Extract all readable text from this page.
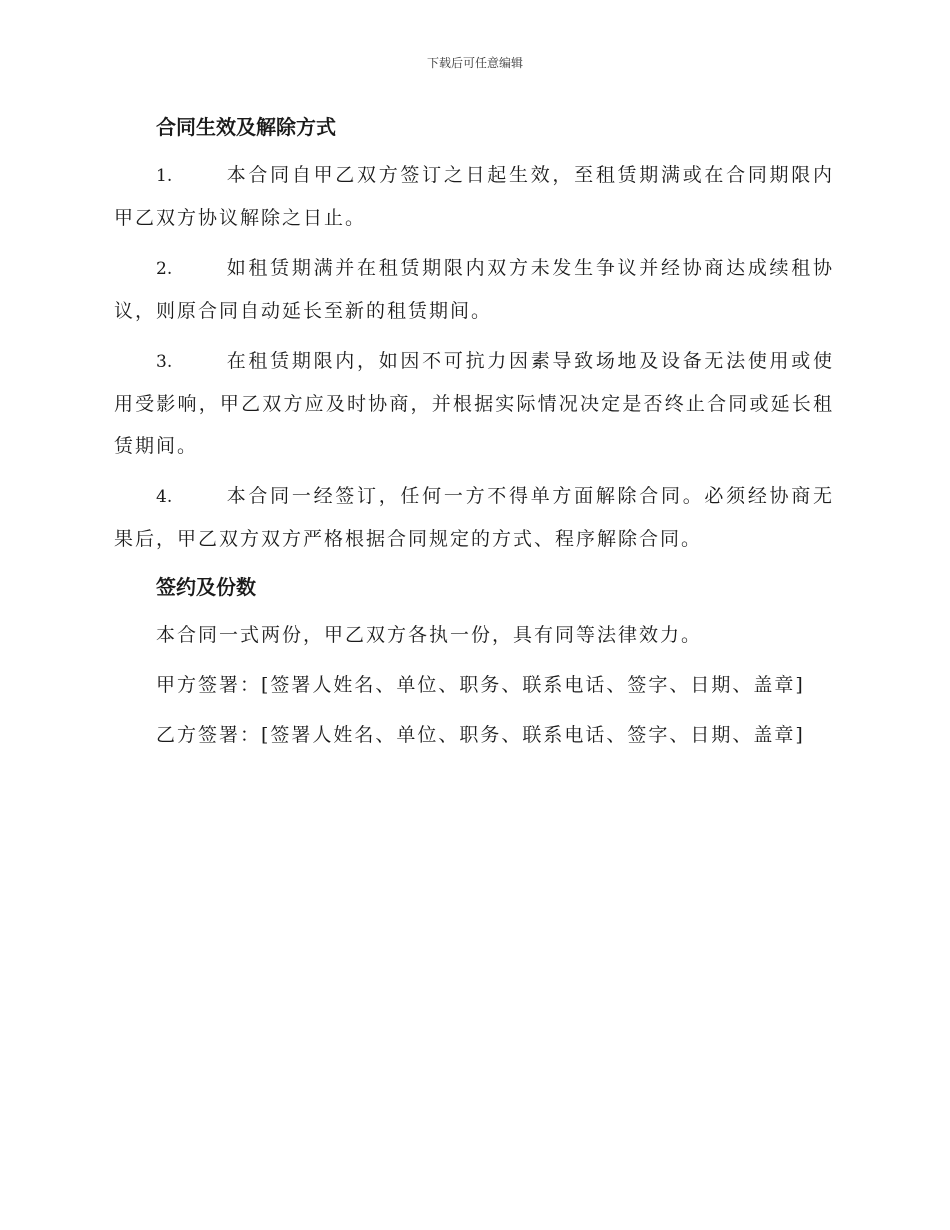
下载后可任意编辑
合同生效及解除方式
1.	本合同自甲乙双方签订之日起生效，至租赁期满或在合同期限内甲乙双方协议解除之日止。
2.	如租赁期满并在租赁期限内双方未发生争议并经协商达成续租协议，则原合同自动延长至新的租赁期间。
3.	在租赁期限内，如因不可抗力因素导致场地及设备无法使用或使用受影响，甲乙双方应及时协商，并根据实际情况决定是否终止合同或延长租赁期间。
4.	本合同一经签订，任何一方不得单方面解除合同。必须经协商无果后，甲乙双方双方严格根据合同规定的方式、程序解除合同。
签约及份数
本合同一式两份，甲乙双方各执一份，具有同等法律效力。
甲方签署：[签署人姓名、单位、职务、联系电话、签字、日期、盖章]
乙方签署：[签署人姓名、单位、职务、联系电话、签字、日期、盖章]
